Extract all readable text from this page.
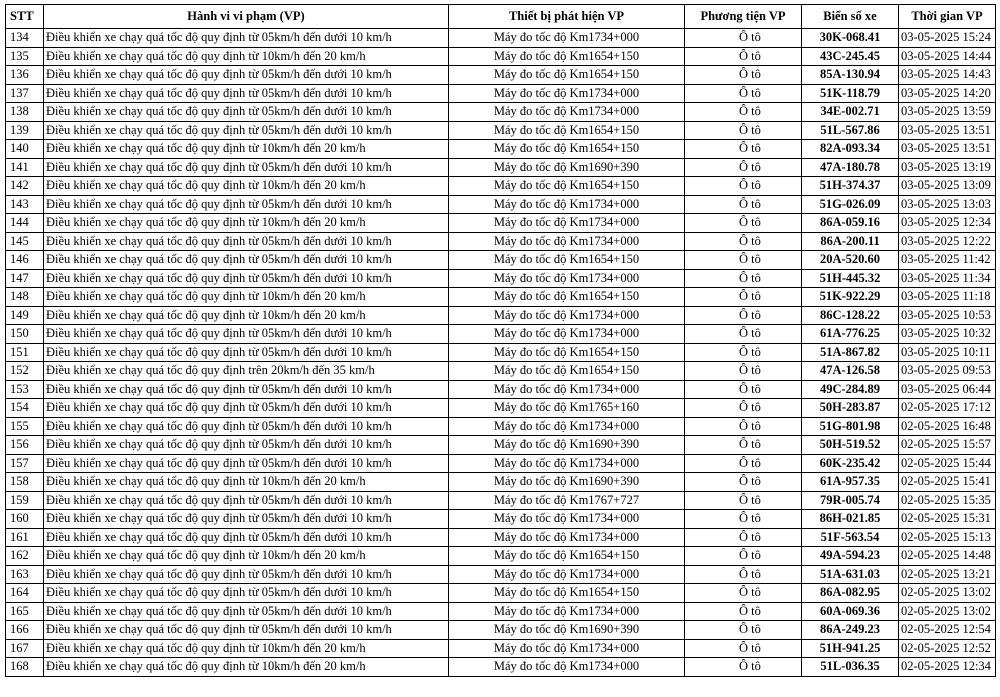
STT	Hành vi vi phạm (VP)	Thiết bị phát hiện VP	Phương tiện VP	Biển số xe	Thời gian VP
134	Điều khiển xe chạy quá tốc độ quy định từ 05km/h đến dưới 10 km/h	Máy đo tốc độ Km1734+000	Ô tô	30K-068.41	03-05-2025 15:24
135	Điều khiển xe chạy quá tốc độ quy định từ 10km/h đến 20 km/h	Máy đo tốc độ Km1654+150	Ô tô	43C-245.45	03-05-2025 14:44
136	Điều khiển xe chạy quá tốc độ quy định từ 05km/h đến dưới 10 km/h	Máy đo tốc độ Km1654+150	Ô tô	85A-130.94	03-05-2025 14:43
137	Điều khiển xe chạy quá tốc độ quy định từ 05km/h đến dưới 10 km/h	Máy đo tốc độ Km1734+000	Ô tô	51K-118.79	03-05-2025 14:20
138	Điều khiển xe chạy quá tốc độ quy định từ 05km/h đến dưới 10 km/h	Máy đo tốc độ Km1734+000	Ô tô	34E-002.71	03-05-2025 13:59
139	Điều khiển xe chạy quá tốc độ quy định từ 05km/h đến dưới 10 km/h	Máy đo tốc độ Km1654+150	Ô tô	51L-567.86	03-05-2025 13:51
140	Điều khiển xe chạy quá tốc độ quy định từ 10km/h đến 20 km/h	Máy đo tốc độ Km1654+150	Ô tô	82A-093.34	03-05-2025 13:51
141	Điều khiển xe chạy quá tốc độ quy định từ 05km/h đến dưới 10 km/h	Máy đo tốc độ Km1690+390	Ô tô	47A-180.78	03-05-2025 13:19
142	Điều khiển xe chạy quá tốc độ quy định từ 10km/h đến 20 km/h	Máy đo tốc độ Km1654+150	Ô tô	51H-374.37	03-05-2025 13:09
143	Điều khiển xe chạy quá tốc độ quy định từ 05km/h đến dưới 10 km/h	Máy đo tốc độ Km1734+000	Ô tô	51G-026.09	03-05-2025 13:03
144	Điều khiển xe chạy quá tốc độ quy định từ 10km/h đến 20 km/h	Máy đo tốc độ Km1734+000	Ô tô	86A-059.16	03-05-2025 12:34
145	Điều khiển xe chạy quá tốc độ quy định từ 05km/h đến dưới 10 km/h	Máy đo tốc độ Km1734+000	Ô tô	86A-200.11	03-05-2025 12:22
146	Điều khiển xe chạy quá tốc độ quy định từ 05km/h đến dưới 10 km/h	Máy đo tốc độ Km1654+150	Ô tô	20A-520.60	03-05-2025 11:42
147	Điều khiển xe chạy quá tốc độ quy định từ 05km/h đến dưới 10 km/h	Máy đo tốc độ Km1734+000	Ô tô	51H-445.32	03-05-2025 11:34
148	Điều khiển xe chạy quá tốc độ quy định từ 10km/h đến 20 km/h	Máy đo tốc độ Km1654+150	Ô tô	51K-922.29	03-05-2025 11:18
149	Điều khiển xe chạy quá tốc độ quy định từ 10km/h đến 20 km/h	Máy đo tốc độ Km1734+000	Ô tô	86C-128.22	03-05-2025 10:53
150	Điều khiển xe chạy quá tốc độ quy định từ 05km/h đến dưới 10 km/h	Máy đo tốc độ Km1734+000	Ô tô	61A-776.25	03-05-2025 10:32
151	Điều khiển xe chạy quá tốc độ quy định từ 05km/h đến dưới 10 km/h	Máy đo tốc độ Km1654+150	Ô tô	51A-867.82	03-05-2025 10:11
152	Điều khiển xe chạy quá tốc độ quy định trên 20km/h đến 35 km/h	Máy đo tốc độ Km1654+150	Ô tô	47A-126.58	03-05-2025 09:53
153	Điều khiển xe chạy quá tốc độ quy định từ 05km/h đến dưới 10 km/h	Máy đo tốc độ Km1734+000	Ô tô	49C-284.89	03-05-2025 06:44
154	Điều khiển xe chạy quá tốc độ quy định từ 05km/h đến dưới 10 km/h	Máy đo tốc độ Km1765+160	Ô tô	50H-283.87	02-05-2025 17:12
155	Điều khiển xe chạy quá tốc độ quy định từ 05km/h đến dưới 10 km/h	Máy đo tốc độ Km1734+000	Ô tô	51G-801.98	02-05-2025 16:48
156	Điều khiển xe chạy quá tốc độ quy định từ 05km/h đến dưới 10 km/h	Máy đo tốc độ Km1690+390	Ô tô	50H-519.52	02-05-2025 15:57
157	Điều khiển xe chạy quá tốc độ quy định từ 05km/h đến dưới 10 km/h	Máy đo tốc độ Km1734+000	Ô tô	60K-235.42	02-05-2025 15:44
158	Điều khiển xe chạy quá tốc độ quy định từ 10km/h đến 20 km/h	Máy đo tốc độ Km1690+390	Ô tô	61A-957.35	02-05-2025 15:41
159	Điều khiển xe chạy quá tốc độ quy định từ 05km/h đến dưới 10 km/h	Máy đo tốc độ Km1767+727	Ô tô	79R-005.74	02-05-2025 15:35
160	Điều khiển xe chạy quá tốc độ quy định từ 05km/h đến dưới 10 km/h	Máy đo tốc độ Km1734+000	Ô tô	86H-021.85	02-05-2025 15:31
161	Điều khiển xe chạy quá tốc độ quy định từ 05km/h đến dưới 10 km/h	Máy đo tốc độ Km1734+000	Ô tô	51F-563.54	02-05-2025 15:13
162	Điều khiển xe chạy quá tốc độ quy định từ 10km/h đến 20 km/h	Máy đo tốc độ Km1654+150	Ô tô	49A-594.23	02-05-2025 14:48
163	Điều khiển xe chạy quá tốc độ quy định từ 05km/h đến dưới 10 km/h	Máy đo tốc độ Km1734+000	Ô tô	51A-631.03	02-05-2025 13:21
164	Điều khiển xe chạy quá tốc độ quy định từ 05km/h đến dưới 10 km/h	Máy đo tốc độ Km1654+150	Ô tô	86A-082.95	02-05-2025 13:02
165	Điều khiển xe chạy quá tốc độ quy định từ 05km/h đến dưới 10 km/h	Máy đo tốc độ Km1734+000	Ô tô	60A-069.36	02-05-2025 13:02
166	Điều khiển xe chạy quá tốc độ quy định từ 05km/h đến dưới 10 km/h	Máy đo tốc độ Km1690+390	Ô tô	86A-249.23	02-05-2025 12:54
167	Điều khiển xe chạy quá tốc độ quy định từ 10km/h đến 20 km/h	Máy đo tốc độ Km1734+000	Ô tô	51H-941.25	02-05-2025 12:52
168	Điều khiển xe chạy quá tốc độ quy định từ 10km/h đến 20 km/h	Máy đo tốc độ Km1734+000	Ô tô	51L-036.35	02-05-2025 12:34
